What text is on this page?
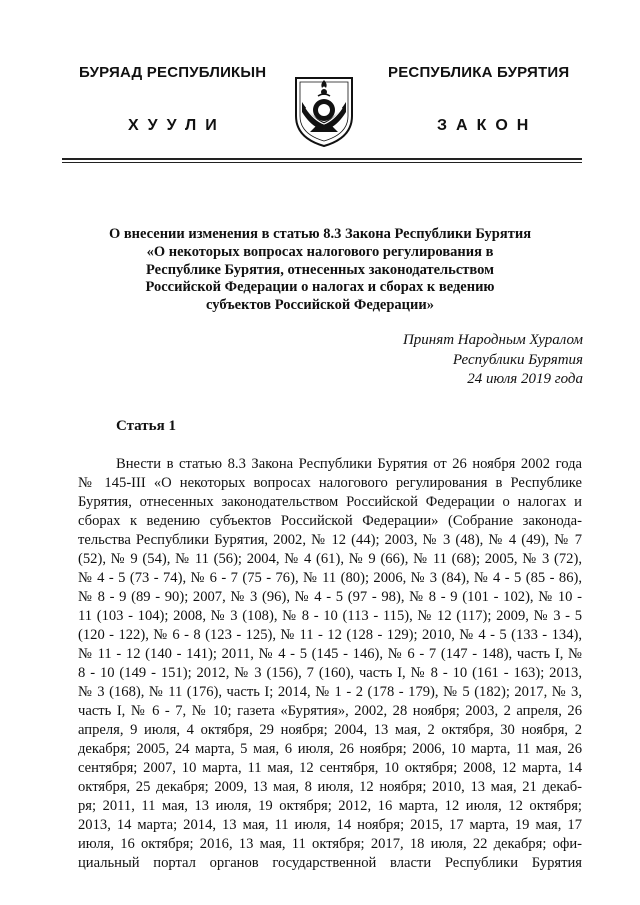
БУРЯАД РЕСПУБЛИКЫН	РЕСПУБЛИКА БУРЯТИЯ
ХУУЛИ	ЗАКОН
О внесении изменения в статью 8.3 Закона Республики Бурятия
«О некоторых вопросах налогового регулирования в
Республике Бурятия, отнесенных законодательством
Российской Федерации о налогах и сборах к ведению
субъектов Российской Федерации»
Принят Народным Хуралом
Республики Бурятия
24 июля 2019 года
Статья 1
Внести в статью 8.3 Закона Республики Бурятия от 26 ноября 2002 года
№ 145-III «О некоторых вопросах налогового регулирования в Республике
Бурятия, отнесенных законодательством Российской Федерации о налогах и
сборах к ведению субъектов Российской Федерации» (Собрание законода-
тельства Республики Бурятия, 2002, № 12 (44); 2003, № 3 (48), № 4 (49), № 7
(52), № 9 (54), № 11 (56); 2004, № 4 (61), № 9 (66), № 11 (68); 2005, № 3 (72),
№ 4 - 5 (73 - 74), № 6 - 7 (75 - 76), № 11 (80); 2006, № 3 (84), № 4 - 5 (85 - 86),
№ 8 - 9 (89 - 90); 2007, № 3 (96), № 4 - 5 (97 - 98), № 8 - 9 (101 - 102), № 10 -
11 (103 - 104); 2008, № 3 (108), № 8 - 10 (113 - 115), № 12 (117); 2009, № 3 - 5
(120 - 122), № 6 - 8 (123 - 125), № 11 - 12 (128 - 129); 2010, № 4 - 5 (133 - 134),
№ 11 - 12 (140 - 141); 2011, № 4 - 5 (145 - 146), № 6 - 7 (147 - 148), часть I, №
8 - 10 (149 - 151); 2012, № 3 (156), 7 (160), часть I, № 8 - 10 (161 - 163); 2013,
№ 3 (168), № 11 (176), часть I; 2014, № 1 - 2 (178 - 179), № 5 (182); 2017, № 3,
часть I, № 6 - 7, № 10; газета «Бурятия», 2002, 28 ноября; 2003, 2 апреля, 26
апреля, 9 июля, 4 октября, 29 ноября; 2004, 13 мая, 2 октября, 30 ноября, 2
декабря; 2005, 24 марта, 5 мая, 6 июля, 26 ноября; 2006, 10 марта, 11 мая, 26
сентября; 2007, 10 марта, 11 мая, 12 сентября, 10 октября; 2008, 12 марта, 14
октября, 25 декабря; 2009, 13 мая, 8 июля, 12 ноября; 2010, 13 мая, 21 декаб-
ря; 2011, 11 мая, 13 июля, 19 октября; 2012, 16 марта, 12 июля, 12 октября;
2013, 14 марта; 2014, 13 мая, 11 июля, 14 ноября; 2015, 17 марта, 19 мая, 17
июля, 16 октября; 2016, 13 мая, 11 октября; 2017, 18 июля, 22 декабря; офи-
циальный портал органов государственной власти Республики Бурятия
